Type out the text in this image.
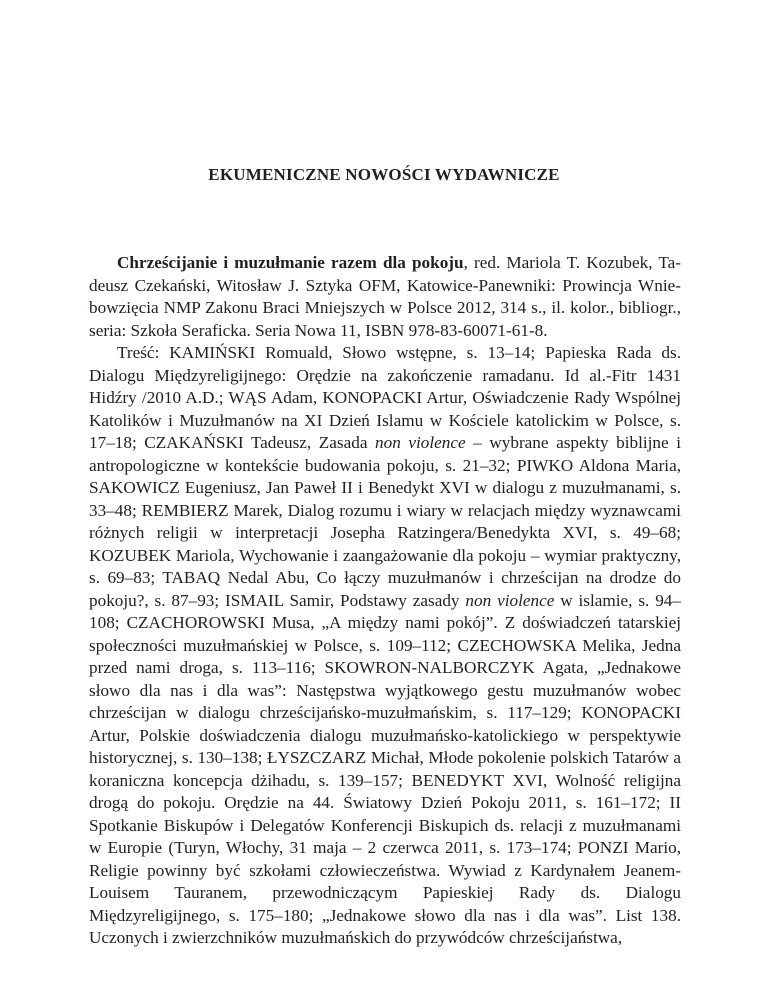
EKUMENICZNE NOWOŚCI WYDAWNICZE

Chrześcijanie i muzułmanie razem dla pokoju, red. Mariola T. Kozubek, Tadeusz Czekański, Witosław J. Sztyka OFM, Katowice-Panewniki: Prowincja Wniebowzięcia NMP Zakonu Braci Mniejszych w Polsce 2012, 314 s., il. kolor., bibliogr., seria: Szkoła Seraficka. Seria Nowa 11, ISBN 978-83-60071-61-8.

Treść: KAMIŃSKI Romuald, Słowo wstępne, s. 13–14; Papieska Rada ds. Dialogu Międzyreligijnego: Orędzie na zakończenie ramadanu. Id al.-Fitr 1431 Hidźry /2010 A.D.; WĄS Adam, KONOPACKI Artur, Oświadczenie Rady Wspólnej Katolików i Muzułmanów na XI Dzień Islamu w Kościele katolickim w Polsce, s. 17–18; CZAKAŃSKI Tadeusz, Zasada non violence – wybrane aspekty biblijne i antropologiczne w kontekście budowania pokoju, s. 21–32; PIWKO Aldona Maria, SAKOWICZ Eugeniusz, Jan Paweł II i Benedykt XVI w dialogu z muzułmanami, s. 33–48; REMBIERZ Marek, Dialog rozumu i wiary w relacjach między wyznawcami różnych religii w interpretacji Josepha Ratzingera/Benedykta XVI, s. 49–68; KOZUBEK Mariola, Wychowanie i zaangażowanie dla pokoju – wymiar praktyczny, s. 69–83; TABAQ Nedal Abu, Co łączy muzułmanów i chrześcijan na drodze do pokoju?, s. 87–93; ISMAIL Samir, Podstawy zasady non violence w islamie, s. 94–108; CZACHOROWSKI Musa, „A między nami pokój”. Z doświadczeń tatarskiej społeczności muzułmańskiej w Polsce, s. 109–112; CZECHOWSKA Melika, Jedna przed nami droga, s. 113–116; SKOWRON-NALBORCZYK Agata, „Jednakowe słowo dla nas i dla was”: Następstwa wyjątkowego gestu muzułmanów wobec chrześcijan w dialogu chrześcijańsko-muzułmańskim, s. 117–129; KONOPACKI Artur, Polskie doświadczenia dialogu muzułmańsko-katolickiego w perspektywie historycznej, s. 130–138; ŁYSZCZARZ Michał, Młode pokolenie polskich Tatarów a koraniczna koncepcja dżihadu, s. 139–157; BENEDYKT XVI, Wolność religijna drogą do pokoju. Orędzie na 44. Światowy Dzień Pokoju 2011, s. 161–172; II Spotkanie Biskupów i Delegatów Konferencji Biskupich ds. relacji z muzułmanami w Europie (Turyn, Włochy, 31 maja – 2 czerwca 2011, s. 173–174; PONZI Mario, Religie powinny być szkołami człowieczeństwa. Wywiad z Kardynałem Jeanem-Louisem Tauranem, przewodniczącym Papieskiej Rady ds. Dialogu Międzyreligijnego, s. 175–180; „Jednakowe słowo dla nas i dla was”. List 138. Uczonych i zwierzchników muzułmańskich do przywódców chrześcijaństwa,
